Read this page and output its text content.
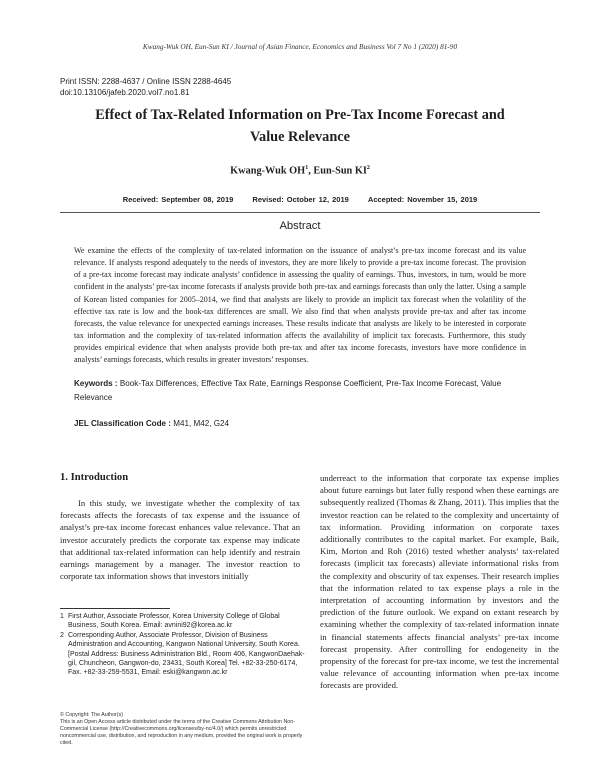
Kwang-Wuk OH, Eun-Sun KI / Journal of Asian Finance, Economics and Business Vol 7 No 1 (2020) 81-90
Print ISSN: 2288-4637 / Online ISSN 2288-4645
doi:10.13106/jafeb.2020.vol7.no1.81
Effect of Tax-Related Information on Pre-Tax Income Forecast and
Value Relevance
Kwang-Wuk $OH^1$, Eun-Sun $KI^2$
Received: September 08, 2019	Revised: October 12, 2019	Accepted: November 15, 2019
Abstract
We examine the effects of the complexity of tax-related information on the issuance of analyst’s pre-tax income forecast and its value relevance. If analysts respond adequately to the needs of investors, they are more likely to provide a pre-tax income forecast. The provision of a pre-tax income forecast may indicate analysts’ confidence in assessing the quality of earnings. Thus, investors, in turn, would be more confident in the analysts’ pre-tax income forecasts if analysts provide both pre-tax and earnings forecasts than only the latter. Using a sample of Korean listed companies for 2005–2014, we find that analysts are likely to provide an implicit tax forecast when the volatility of the effective tax rate is low and the book-tax differences are small. We also find that when analysts provide pre-tax and after tax income forecasts, the value relevance for unexpected earnings increases. These results indicate that analysts are likely to be interested in corporate tax information and the complexity of tax-related information affects the availability of implicit tax forecasts. Furthermore, this study provides empirical evidence that when analysts provide both pre-tax and after tax income forecasts, investors have more confidence in analysts’ earnings forecasts, which results in greater investors’ responses.
Keywords : Book-Tax Differences, Effective Tax Rate, Earnings Response Coefficient, Pre-Tax Income Forecast, Value Relevance
JEL Classification Code : M41, M42, G24
1. Introduction

In this study, we investigate whether the complexity of tax forecasts affects the forecasts of tax expense and the issuance of analyst’s pre-tax income forecast enhances value relevance. That an investor accurately predicts the corporate tax expense may indicate that additional tax-related information can help identify and restrain earnings management by a manager. The investor reaction to corporate tax information shows that investors initially

1 First Author, Associate Professor, Korea University College of Global Business, South Korea. Email: avnini92@korea.ac.kr
2 Corresponding Author, Associate Professor, Division of Business Administration and Accounting, Kangwon National University, South Korea. [Postal Address: Business Administration Bld., Room 406, KangwonDaehak-gil, Chuncheon, Gangwon-do, 23431, South Korea] Tel. +82-33-250-6174, Fax. +82-33-259-5531, Email: eski@kangwon.ac.kr
© Copyright: The Author(s)
This is an Open Access article distributed under the terms of the Creative Commons Attribution Non-Commercial License (http://Creativecommons.org/licenses/by-nc/4.0/) which permits unrestricted noncommercial use, distribution, and reproduction in any medium, provided the original work is properly cited.

underreact to the information that corporate tax expense implies about future earnings but later fully respond when these earnings are subsequently realized (Thomas & Zhang, 2011). This implies that the investor reaction can be related to the complexity and uncertainty of tax information. Providing information on corporate taxes additionally contributes to the capital market. For example, Baik, Kim, Morton and Roh (2016) tested whether analysts’ tax-related forecasts (implicit tax forecasts) alleviate informational risks from the complexity and obscurity of tax expenses. Their research implies that the information related to tax expense plays a role in the interpretation of accounting information by investors and the prediction of the future outlook. We expand on extant research by examining whether the complexity of tax-related information innate in financial statements affects financial analysts’ pre-tax income forecast propensity. After controlling for endogeneity in the propensity of the forecast for pre-tax income, we test the incremental value relevance of accounting information when pre-tax income forecasts are provided.
